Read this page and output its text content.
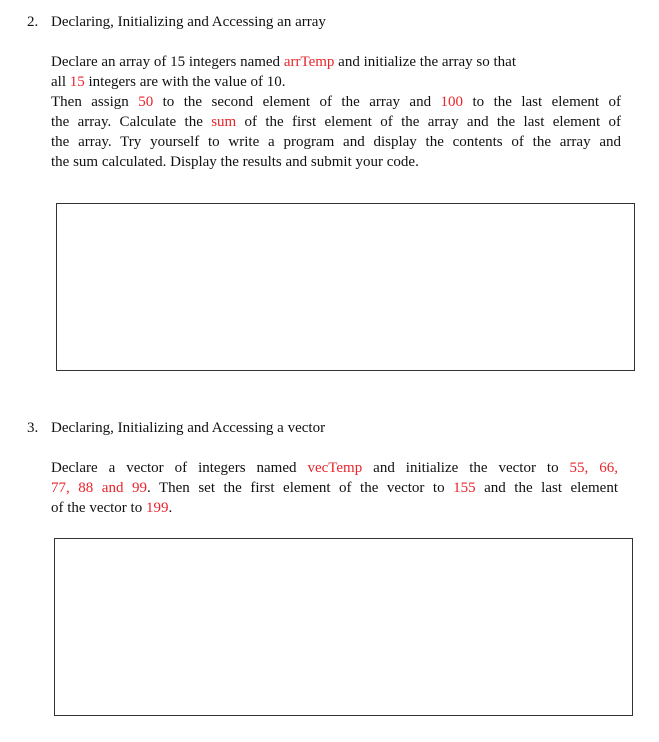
2. Declaring, Initializing and Accessing an array
Declare an array of 15 integers named arrTemp and initialize the array so that
all 15 integers are with the value of 10.
Then assign 50 to the second element of the array and 100 to the last element of
the array. Calculate the sum of the first element of the array and the last element of
the array. Try yourself to write a program and display the contents of the array and
the sum calculated. Display the results and submit your code.
3. Declaring, Initializing and Accessing a vector
Declare a vector of integers named vecTemp and initialize the vector to 55, 66,
77, 88 and 99. Then set the first element of the vector to 155 and the last element
of the vector to 199.
